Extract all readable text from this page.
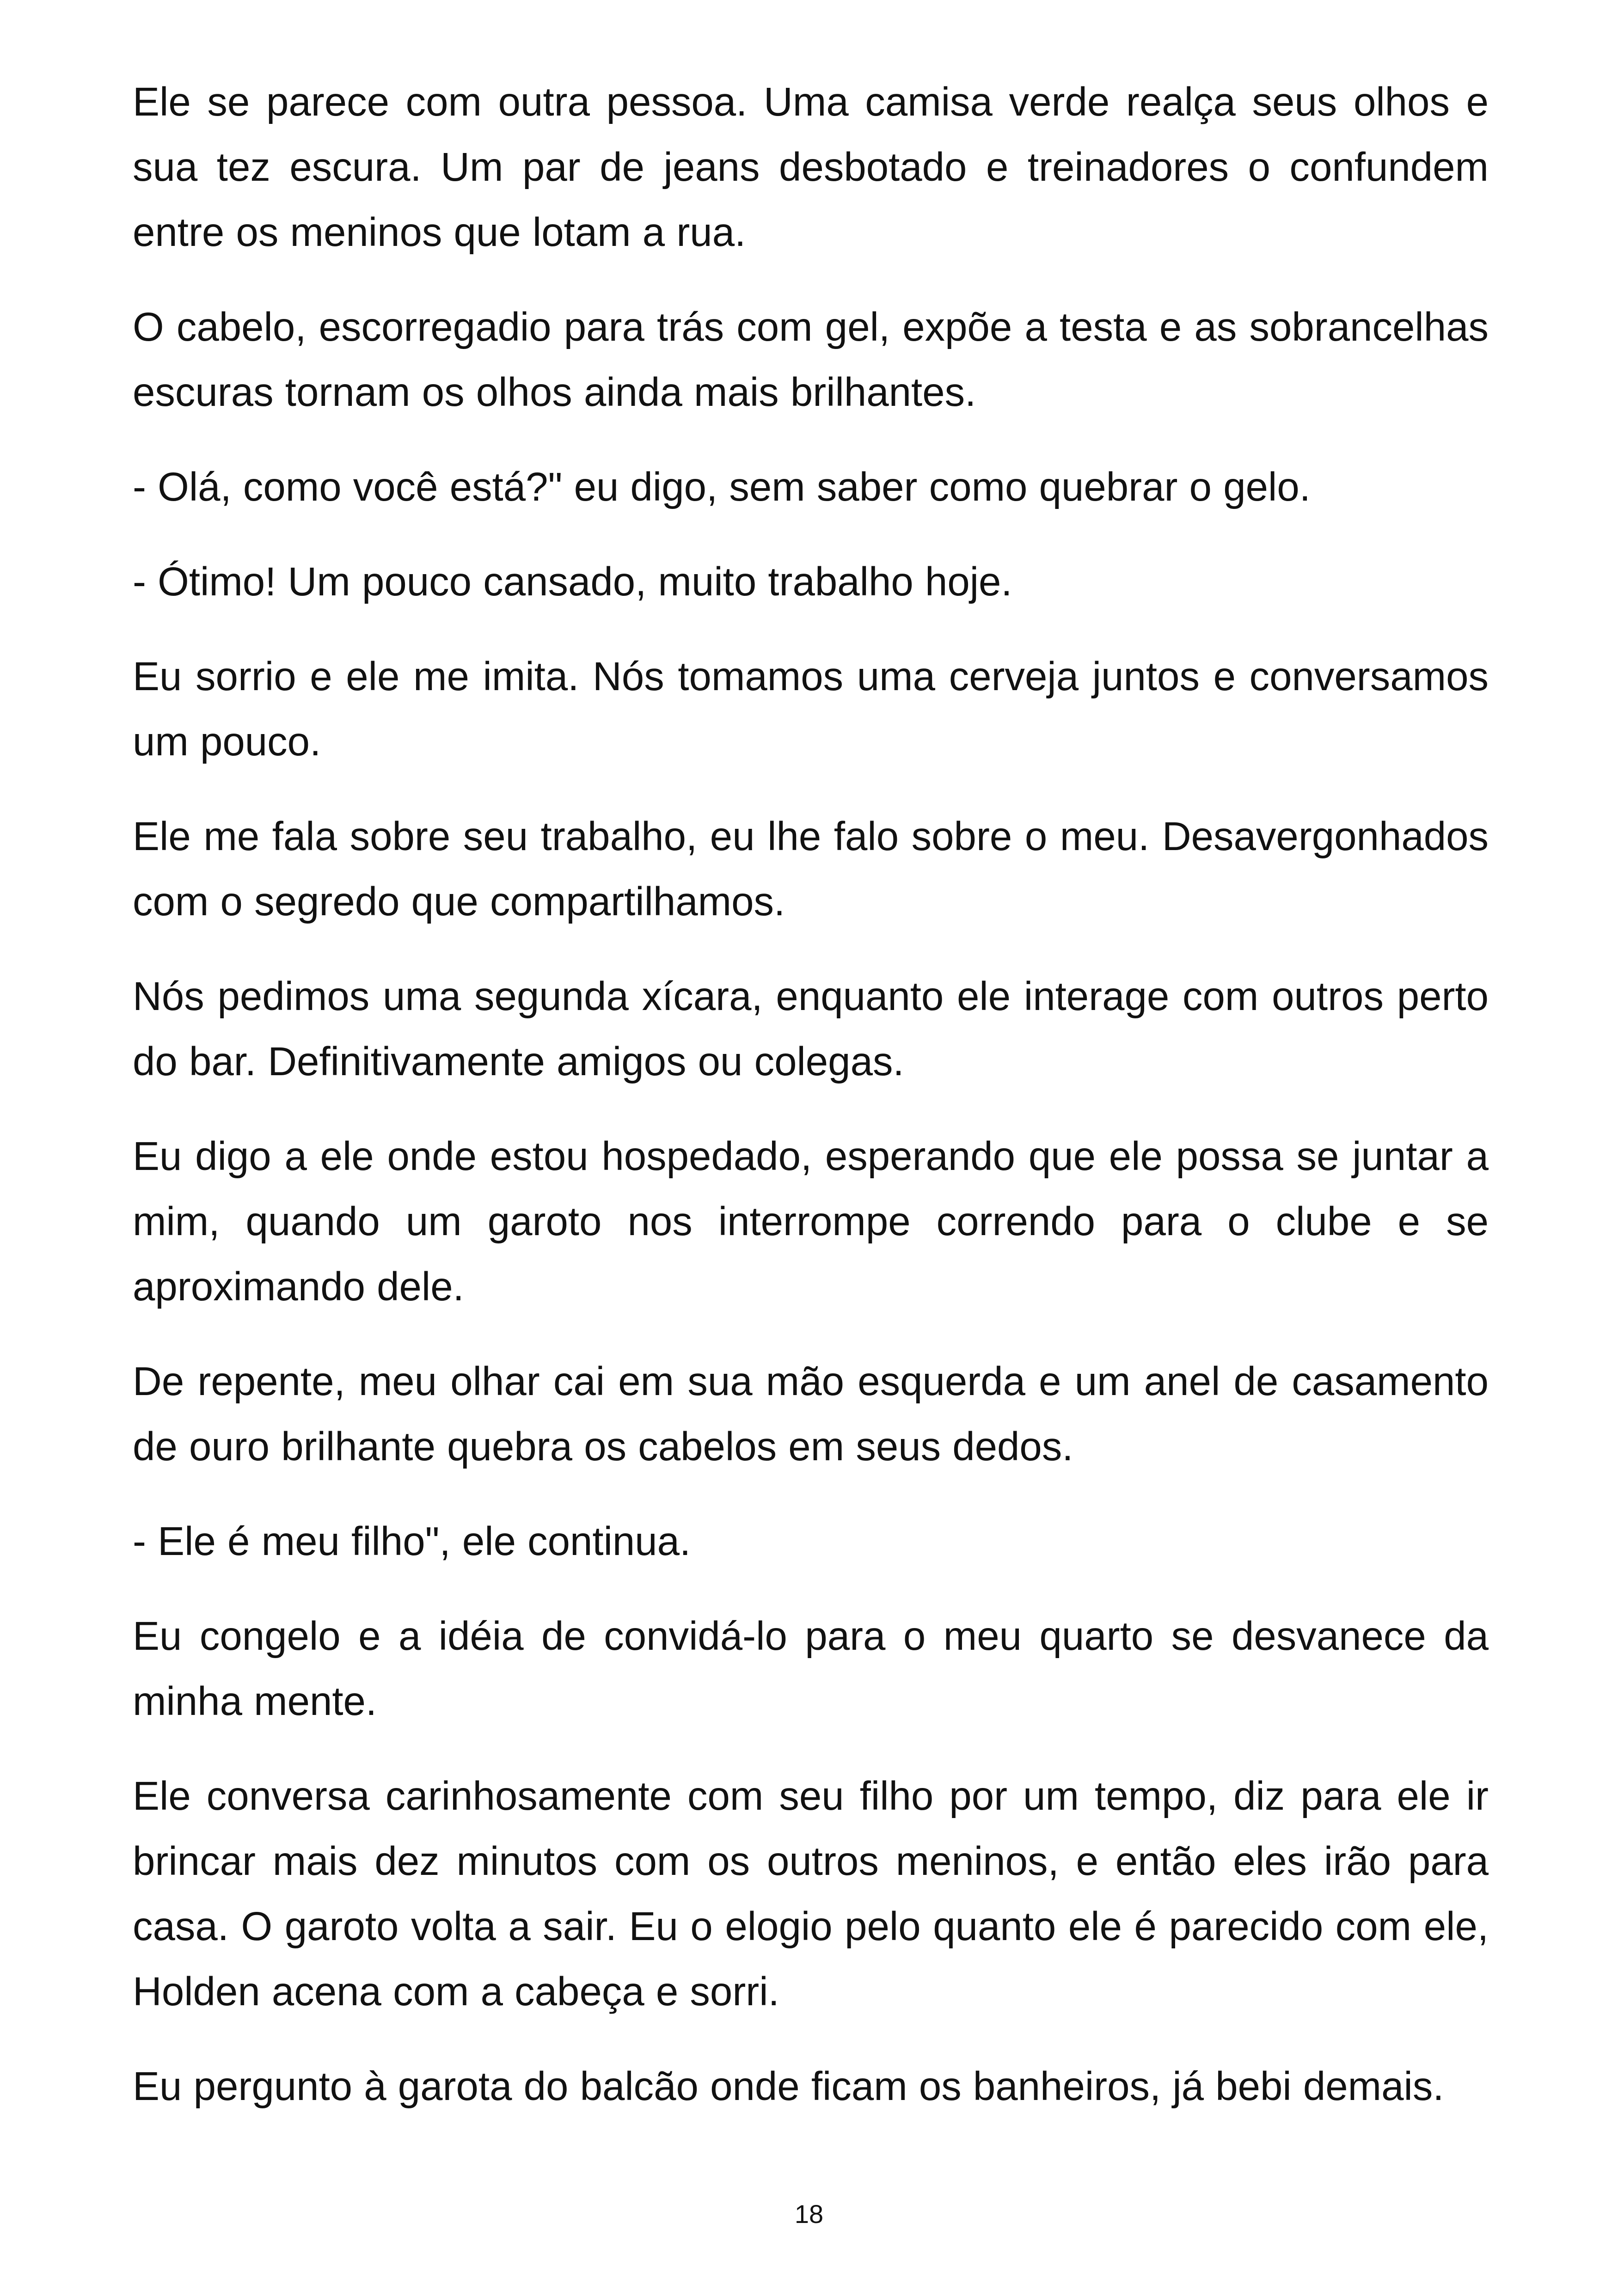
Ele se parece com outra pessoa. Uma camisa verde realça seus olhos e sua tez escura. Um par de jeans desbotado e treinadores o confundem entre os meninos que lotam a rua.

O cabelo, escorregadio para trás com gel, expõe a testa e as sobrancelhas escuras tornam os olhos ainda mais brilhantes.

- Olá, como você está?" eu digo, sem saber como quebrar o gelo.

- Ótimo! Um pouco cansado, muito trabalho hoje.

Eu sorrio e ele me imita. Nós tomamos uma cerveja juntos e conversamos um pouco.

Ele me fala sobre seu trabalho, eu lhe falo sobre o meu. Desavergonhados com o segredo que compartilhamos.

Nós pedimos uma segunda xícara, enquanto ele interage com outros perto do bar. Definitivamente amigos ou colegas.

Eu digo a ele onde estou hospedado, esperando que ele possa se juntar a mim, quando um garoto nos interrompe correndo para o clube e se aproximando dele.

De repente, meu olhar cai em sua mão esquerda e um anel de casamento de ouro brilhante quebra os cabelos em seus dedos.

- Ele é meu filho", ele continua.

Eu congelo e a idéia de convidá-lo para o meu quarto se desvanece da minha mente.

Ele conversa carinhosamente com seu filho por um tempo, diz para ele ir brincar mais dez minutos com os outros meninos, e então eles irão para casa. O garoto volta a sair. Eu o elogio pelo quanto ele é parecido com ele, Holden acena com a cabeça e sorri.

Eu pergunto à garota do balcão onde ficam os banheiros, já bebi demais.

18
